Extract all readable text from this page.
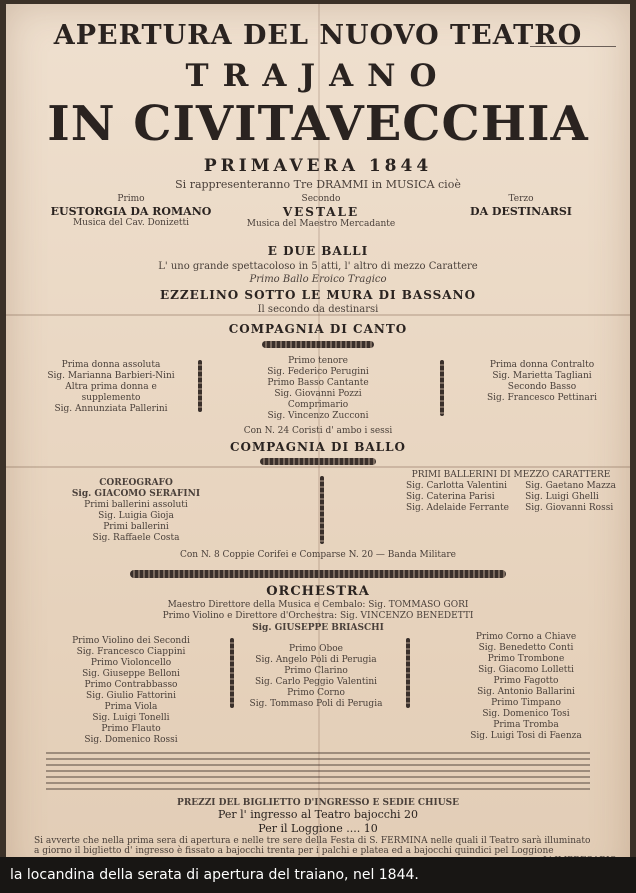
APERTURA DEL NUOVO TEATRO
TRAJANO
IN CIVITAVECCHIA
PRIMAVERA 1844
Si rappresenteranno Tre DRAMMI in MUSICA cioè
Primo
EUSTORGIA DA ROMANO
Musica del Cav. Donizetti
Secondo
VESTALE
Musica del Maestro Mercadante
Terzo
DA DESTINARSI
E DUE BALLI
L' uno grande spettacoloso in 5 atti, l' altro di mezzo Carattere
Primo Ballo Eroico Tragico
EZZELINO SOTTO LE MURA DI BASSANO
Il secondo da destinarsi
COMPAGNIA DI CANTO
Prima donna assoluta
Sig. Marianna Barbieri-Nini
Altra prima donna e supplemento
Sig. Annunziata Pallerini
Primo tenore
Sig. Federico Perugini
Primo Basso Cantante
Sig. Giovanni Pozzi
Comprimario
Sig. Vincenzo Zucconi
Prima donna Contralto
Sig. Marietta Tagliani
Secondo Basso
Sig. Francesco Pettinari
Con N. 24 Coristi d' ambo i sessi
COMPAGNIA DI BALLO
COREOGRAFO
Sig. GIACOMO SERAFINI
Primi ballerini assoluti
Sig. Luigia Gioja
Primi ballerini
Sig. Raffaele Costa
PRIMI BALLERINI DI MEZZO CARATTERE
Sig. Carlotta Valentini
Sig. Caterina Parisi
Sig. Adelaide Ferrante
Sig. Gaetano Mazza
Sig. Luigi Ghelli
Sig. Giovanni Rossi
Con N. 8 Coppie Corifei e Comparse N. 20 — Banda Militare
ORCHESTRA
Maestro Direttore della Musica e Cembalo: Sig. TOMMASO GORI
Primo Violino e Direttore d'Orchestra: Sig. VINCENZO BENEDETTI
Sig. GIUSEPPE BRIASCHI
Primo Violino dei Secondi
Sig. Francesco Ciappini
Primo Violoncello
Sig. Giuseppe Belloni
Primo Contrabbasso
Sig. Giulio Fattorini
Prima Viola
Sig. Luigi Tonelli
Primo Flauto
Sig. Domenico Rossi
Primo Oboe
Sig. Angelo Poli di Perugia
Primo Clarino
Sig. Carlo Peggio Valentini
Primo Corno
Sig. Tommaso Poli di Perugia
Primo Corno a Chiave
Sig. Benedetto Conti
Primo Trombone
Sig. Giacomo Lolletti
Primo Fagotto
Sig. Antonio Ballarini
Primo Timpano
Sig. Domenico Tosi
Prima Tromba
Sig. Luigi Tosi di Faenza
PREZZI DEL BIGLIETTO D'INGRESSO E SEDIE CHIUSE
Per l' ingresso al Teatro bajocchi 20
Per il Loggione .... 10
Si avverte che nella prima sera di apertura e nelle tre sere della Festa di S. FERMINA nelle quali il Teatro sarà illuminato a giorno il biglietto d' ingresso è fissato a bajocchi trenta per i palchi e platea ed a bajocchi quindici pel Loggione
la locandina della serata di apertura del traiano, nel 1844.
